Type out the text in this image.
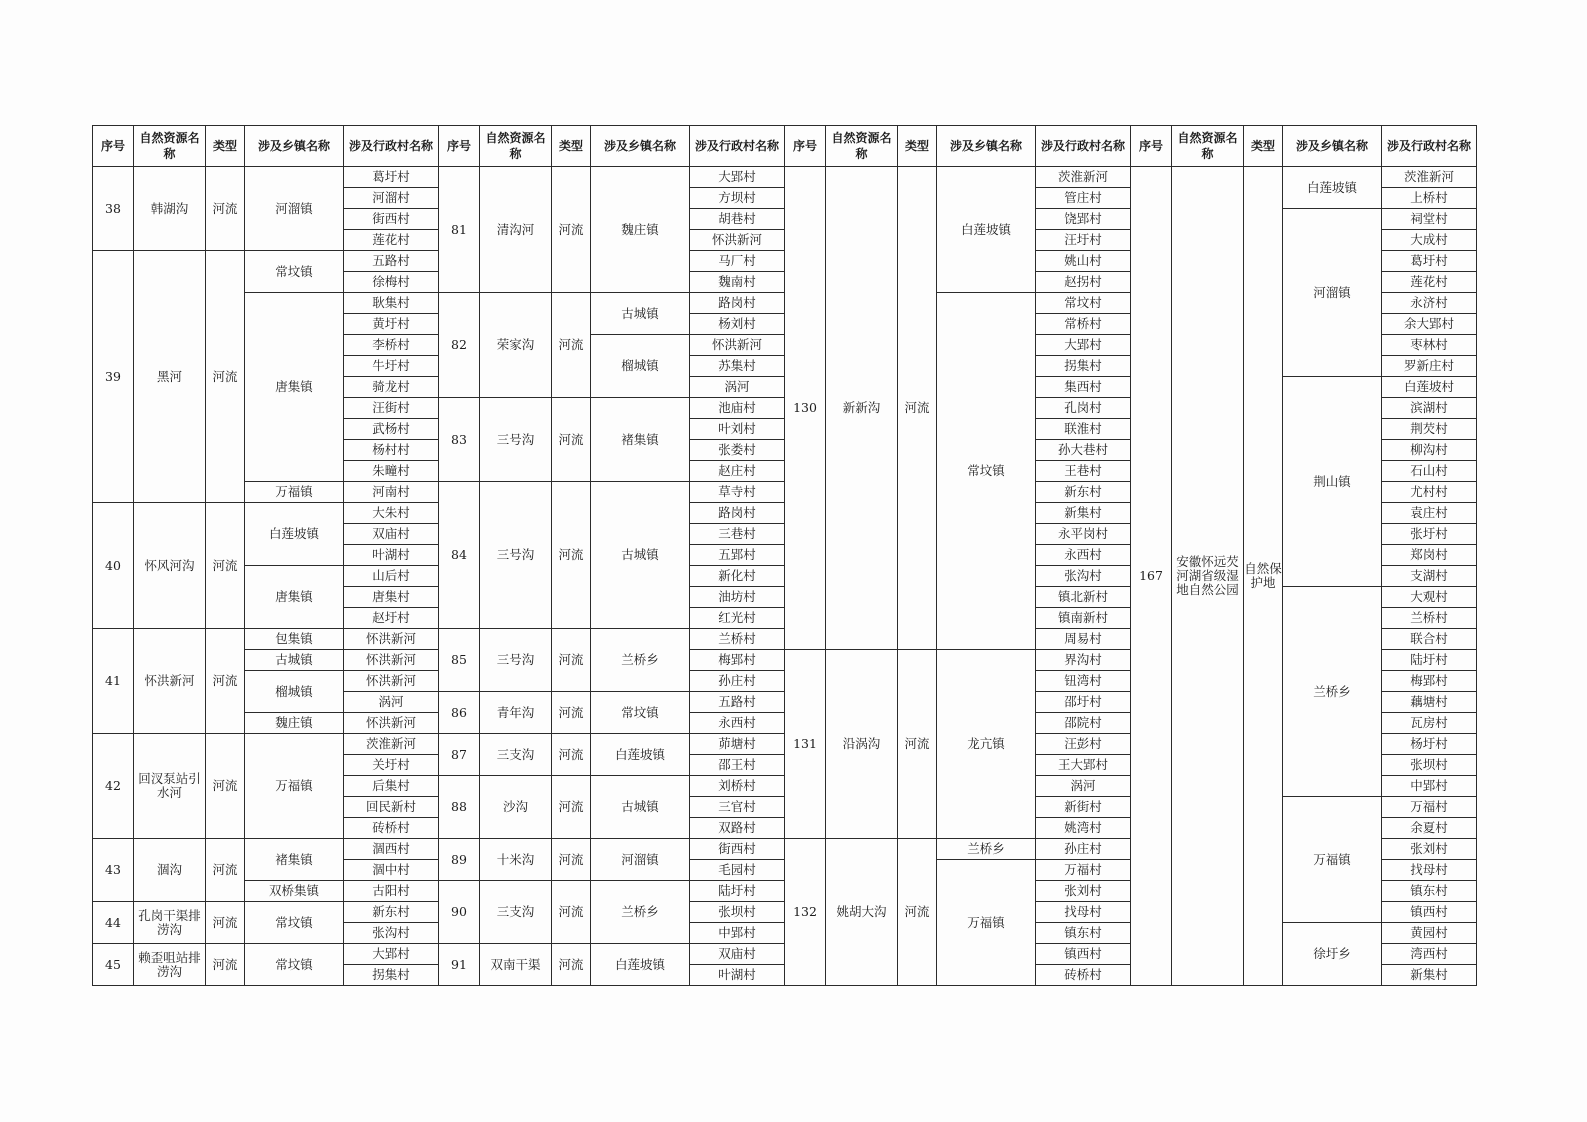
序号	自然资源名称	类型	涉及乡镇名称	涉及行政村名称	序号	自然资源名称	类型	涉及乡镇名称	涉及行政村名称	序号	自然资源名称	类型	涉及乡镇名称	涉及行政村名称	序号	自然资源名称	类型	涉及乡镇名称	涉及行政村名称
38	韩湖沟	河流	河溜镇	葛圩村	81	清沟河	河流	魏庄镇	大郢村	130	新新沟	河流	白莲坡镇	茨淮新河	167	安徽怀远芡河湖省级湿地自然公园	自然保护地	白莲坡镇	茨淮新河
				河溜村					方坝村					管庄村					上桥村
				街西村					胡巷村					饶郢村				河溜镇	祠堂村
				莲花村					怀洪新河					汪圩村					大成村
39	黑河	河流	常坟镇	五路村					马厂村					姚山村					葛圩村
				徐梅村					魏南村					赵拐村					莲花村
			唐集镇	耿集村	82	荣家沟	河流	古城镇	路岗村				常坟镇	常坟村					永济村
				黄圩村					杨刘村					常桥村					余大郢村
				李桥村				榴城镇	怀洪新河					大郢村					枣林村
				牛圩村					苏集村					拐集村					罗新庄村
				骑龙村					涡河					集西村				荆山镇	白莲坡村
				汪街村	83	三号沟	河流	褚集镇	池庙村					孔岗村					滨湖村
				武杨村					叶刘村					联淮村					荆芡村
				杨村村					张娄村					孙大巷村					柳沟村
				朱疃村					赵庄村					王巷村					石山村
			万福镇	河南村	84	三号沟	河流	古城镇	草寺村					新东村					尤村村
40	怀风河沟	河流	白莲坡镇	大朱村					路岗村					新集村					袁庄村
				双庙村					三巷村					永平岗村					张圩村
				叶湖村					五郢村					永西村					郑岗村
			唐集镇	山后村					新化村					张沟村					支湖村
				唐集村					油坊村					镇北新村				兰桥乡	大观村
				赵圩村					红光村					镇南新村					兰桥村
41	怀洪新河	河流	包集镇	怀洪新河	85	三号沟	河流	兰桥乡	兰桥村					周易村					联合村
			古城镇	怀洪新河					梅郢村	131	沿涡沟	河流	龙亢镇	界沟村					陆圩村
			榴城镇	怀洪新河					孙庄村					钮湾村					梅郢村
				涡河	86	青年沟	河流	常坟镇	五路村					邵圩村					藕塘村
			魏庄镇	怀洪新河					永西村					邵院村					瓦房村
42	回汊泵站引水河	河流	万福镇	茨淮新河	87	三支沟	河流	白莲坡镇	茆塘村					汪彭村					杨圩村
				关圩村					邵王村					王大郢村					张坝村
				后集村	88	沙沟	河流	古城镇	刘桥村					涡河					中郢村
				回民新村					三官村					新街村				万福镇	万福村
				砖桥村					双路村					姚湾村					余夏村
43	涸沟	河流	褚集镇	涸西村	89	十米沟	河流	河溜镇	街西村	132	姚胡大沟	河流	兰桥乡	孙庄村					张刘村
				涸中村					毛园村				万福镇	万福村					找母村
			双桥集镇	古阳村	90	三支沟	河流	兰桥乡	陆圩村					张刘村					镇东村
44	孔岗干渠排涝沟	河流	常坟镇	新东村					张坝村					找母村					镇西村
				张沟村					中郢村					镇东村				徐圩乡	黄园村
45	赖歪咀站排涝沟	河流	常坟镇	大郢村	91	双南干渠	河流	白莲坡镇	双庙村					镇西村					湾西村
				拐集村					叶湖村					砖桥村					新集村
